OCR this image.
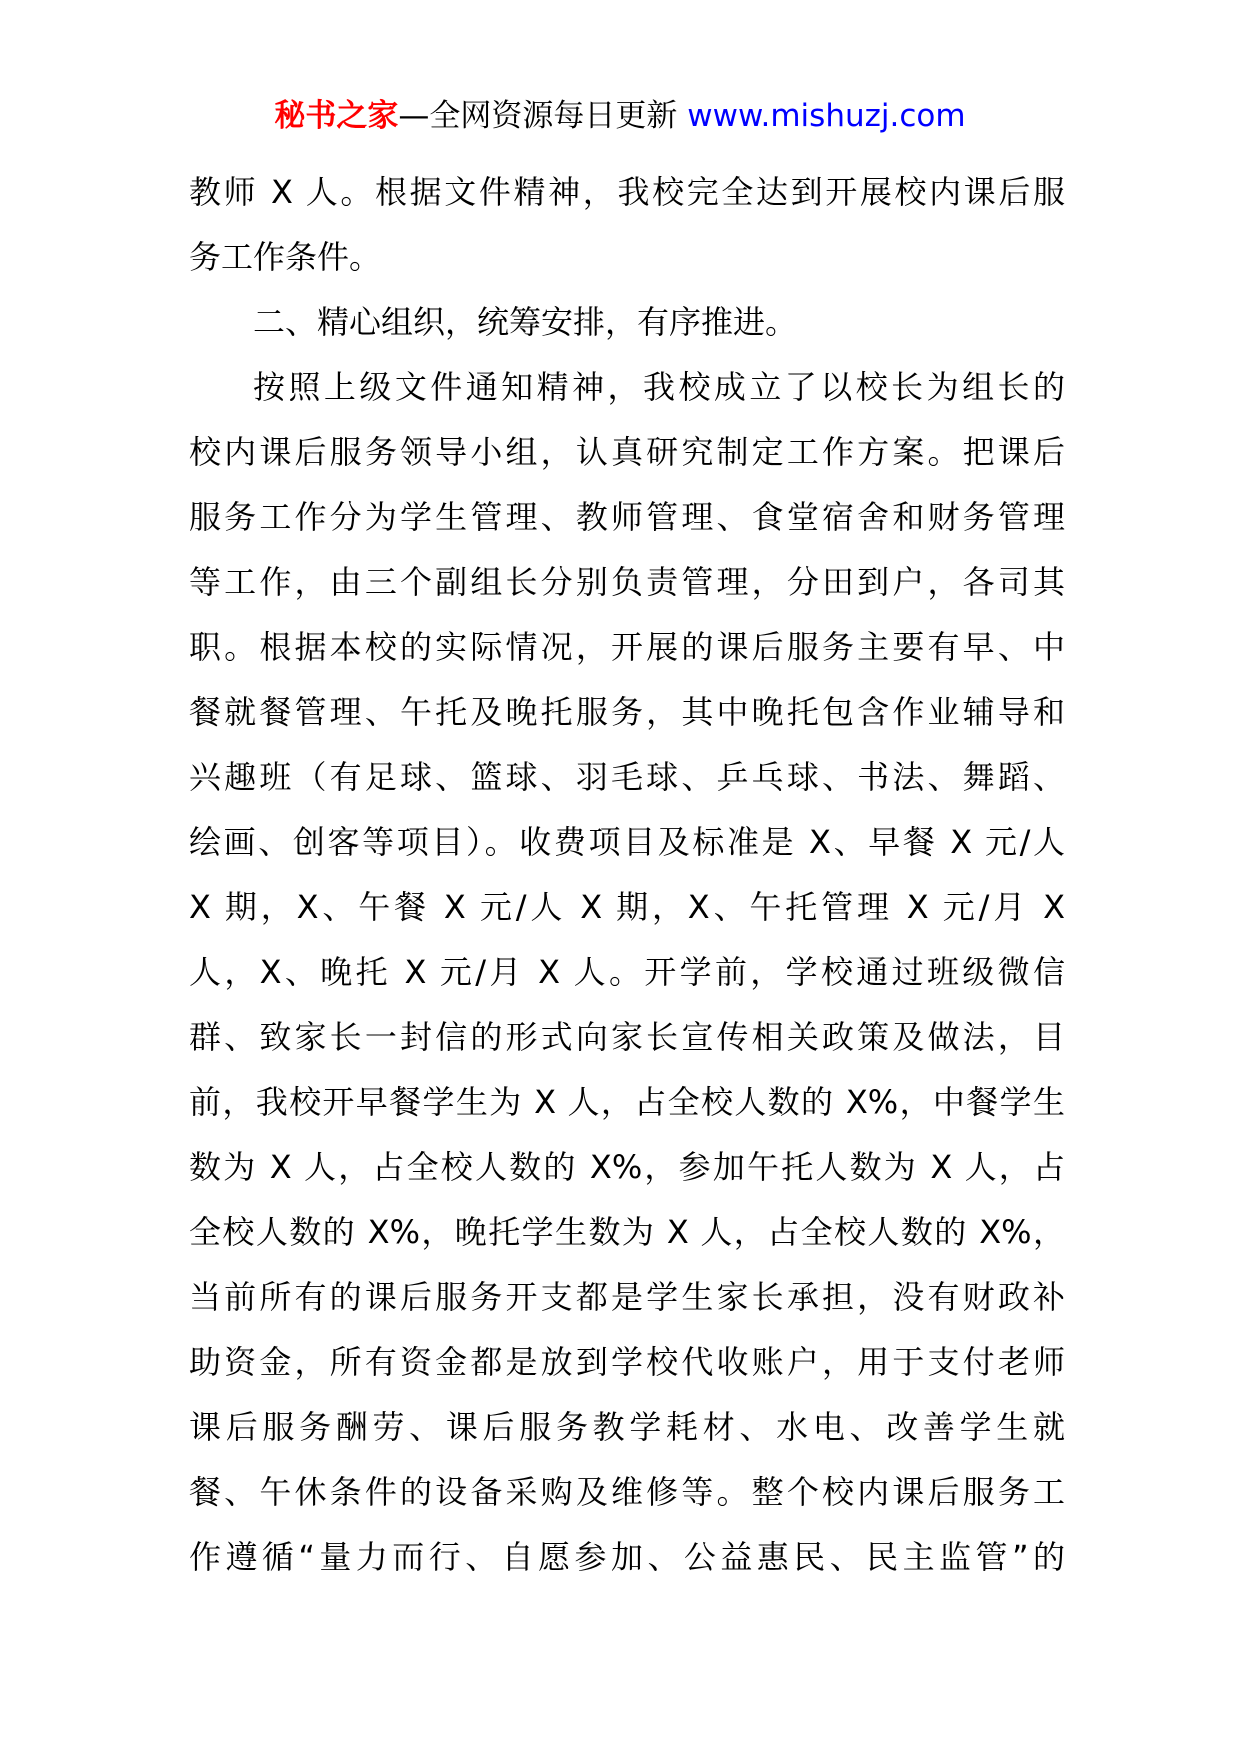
秘书之家—全网资源每日更新 www.mishuzj.com
教师 X 人。根据文件精神，我校完全达到开展校内课后服
务工作条件。
二、精心组织，统筹安排，有序推进。
按照上级文件通知精神，我校成立了以校长为组长的
校内课后服务领导小组，认真研究制定工作方案。把课后
服务工作分为学生管理、教师管理、食堂宿舍和财务管理
等工作，由三个副组长分别负责管理，分田到户，各司其
职。根据本校的实际情况，开展的课后服务主要有早、中
餐就餐管理、午托及晚托服务，其中晚托包含作业辅导和
兴趣班（有足球、篮球、羽毛球、乒乓球、书法、舞蹈、
绘画、创客等项目）。收费项目及标准是 X、早餐 X 元/人
X 期，X、午餐 X 元/人 X 期，X、午托管理 X 元/月 X
人，X、晚托 X 元/月 X 人。开学前，学校通过班级微信
群、致家长一封信的形式向家长宣传相关政策及做法，目
前，我校开早餐学生为 X 人，占全校人数的 X%，中餐学生
数为 X 人，占全校人数的 X%，参加午托人数为 X 人，占
全校人数的 X%，晚托学生数为 X 人，占全校人数的 X%，
当前所有的课后服务开支都是学生家长承担，没有财政补
助资金，所有资金都是放到学校代收账户，用于支付老师
课后服务酬劳、课后服务教学耗材、水电、改善学生就
餐、午休条件的设备采购及维修等。整个校内课后服务工
作遵循“量力而行、自愿参加、公益惠民、民主监管”的
